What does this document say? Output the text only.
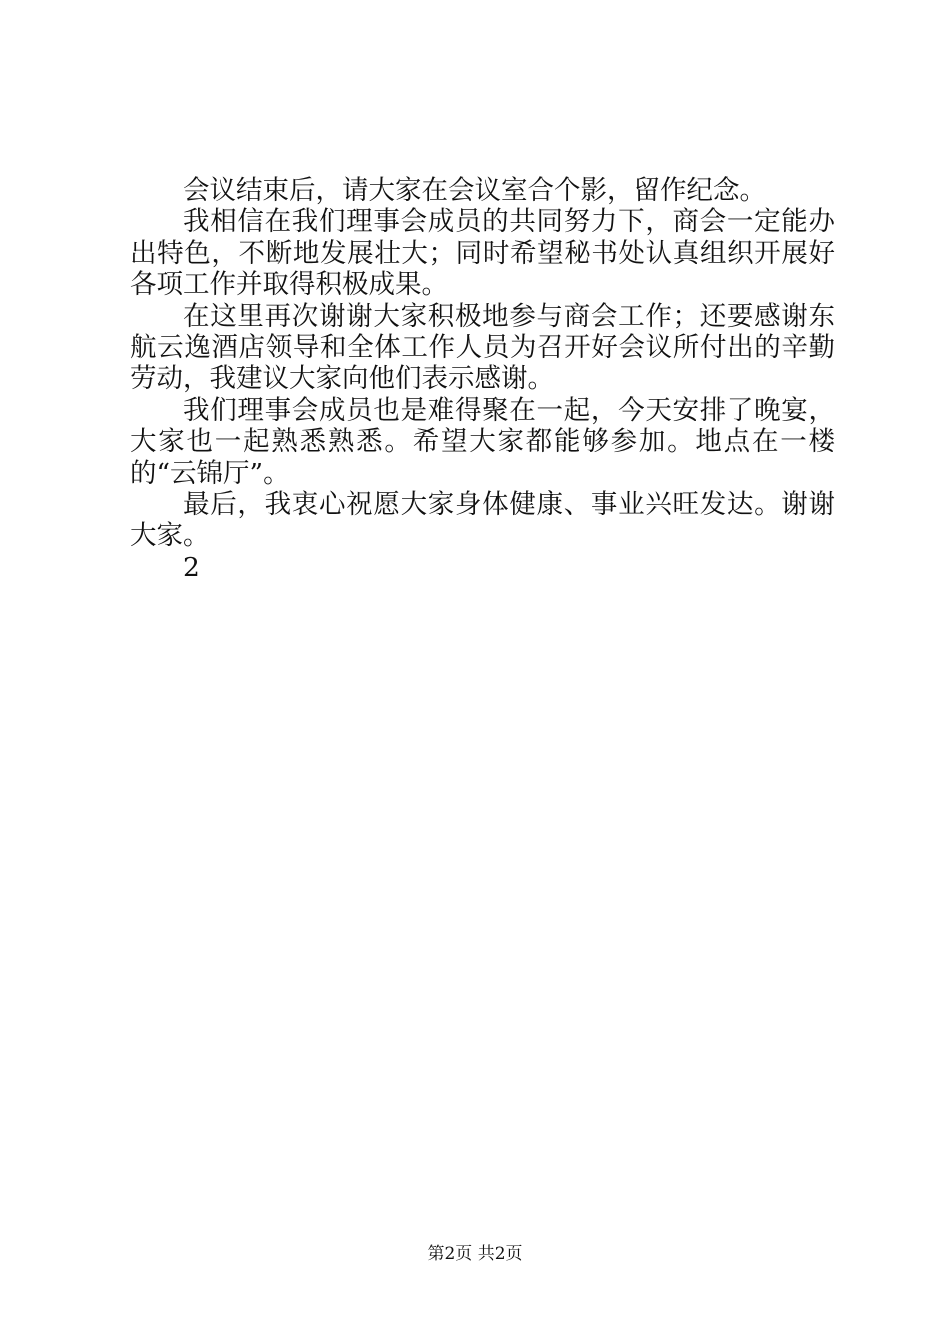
会议结束后，请大家在会议室合个影，留作纪念。

我相信在我们理事会成员的共同努力下，商会一定能办出特色，不断地发展壮大；同时希望秘书处认真组织开展好各项工作并取得积极成果。

在这里再次谢谢大家积极地参与商会工作；还要感谢东航云逸酒店领导和全体工作人员为召开好会议所付出的辛勤劳动，我建议大家向他们表示感谢。

我们理事会成员也是难得聚在一起，今天安排了晚宴，大家也一起熟悉熟悉。希望大家都能够参加。地点在一楼的“云锦厅”。

最后，我衷心祝愿大家身体健康、事业兴旺发达。谢谢大家。

2

第2页 共2页
